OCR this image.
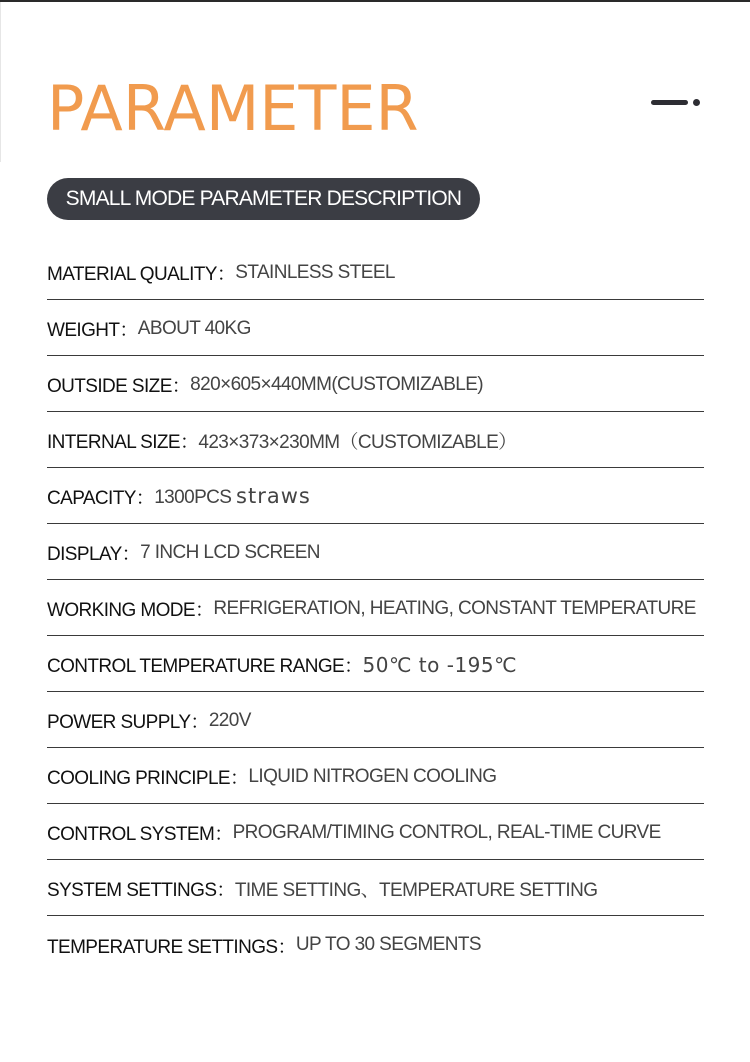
PARAMETER
SMALL MODE PARAMETER DESCRIPTION
MATERIAL QUALITY： STAINLESS STEEL
WEIGHT： ABOUT 40KG
OUTSIDE SIZE： 820×605×440MM(CUSTOMIZABLE)
INTERNAL SIZE： 423×373×230MM（CUSTOMIZABLE）
CAPACITY： 1300PCS straws
DISPLAY： 7 INCH LCD SCREEN
WORKING MODE： REFRIGERATION, HEATING, CONSTANT TEMPERATURE
CONTROL TEMPERATURE RANGE： 50℃ to -195℃
POWER SUPPLY： 220V
COOLING PRINCIPLE： LIQUID NITROGEN COOLING
CONTROL SYSTEM： PROGRAM/TIMING CONTROL, REAL-TIME CURVE
SYSTEM SETTINGS： TIME SETTING、TEMPERATURE SETTING
TEMPERATURE SETTINGS： UP TO 30 SEGMENTS
